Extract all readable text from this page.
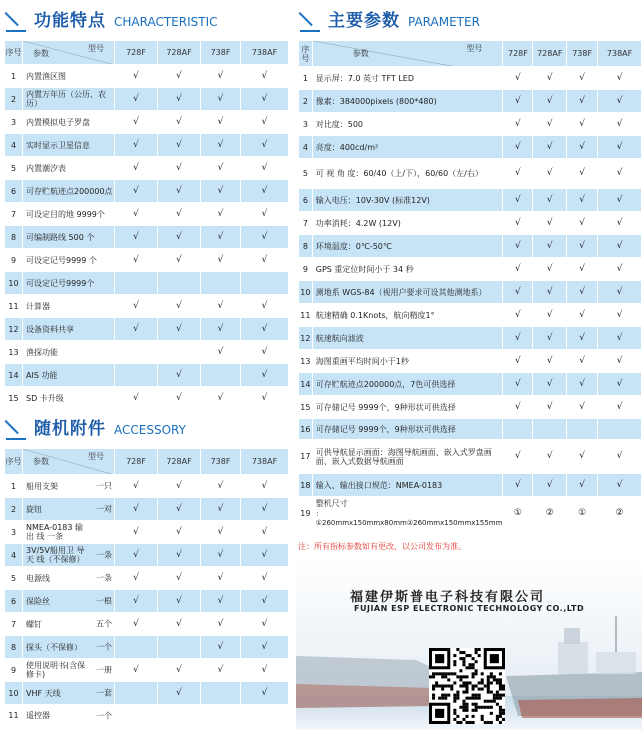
功能特点 CHARACTERISTIC
序号	参数
型号	728F	728AF	738F	738AF
1	内置渔区图	√	√	√	√
2	内置万年历（公历、农历）	√	√	√	√
3	内置模拟电子罗盘	√	√	√	√
4	实时显示卫星信息	√	√	√	√
5	内置潮汐表	√	√	√	√
6	可存贮航迹点200000点	√	√	√	√
7	可设定目的地 9999个	√	√	√	√
8	可编制路线 500 个	√	√	√	√
9	可设定记号9999 个	√	√	√	√
10	可设定记号9999个				

11	计算器	√	√	√	√
12	设备资料共享	√	√	√	√
13	渔探功能			√	√
14	AIS 功能		√		√
15	SD 卡升级	√	√	√	√
随机附件 ACCESSORY
序号	参数
型号	728F	728AF	738F	738AF
1	船用支架 一只	√	√	√	√
2	旋钮 一对	√	√	√	√
3	NMEA-0183 输 出 线 一条	√	√	√	√
4	3V/5V船用卫 导 天 线（不保修） 一条	√	√	√	√
5	电源线 一条	√	√	√	√
6	保险丝 一根	√	√	√	√
7	螺钉 五个	√	√	√	√
8	探头（不保修） 一个			√	√
9	使用说明书(含保修卡) 一册	√	√	√	√
10	VHF 天线 一套		√		√
11	遥控器 一个				

主要参数 PARAMETER
序号	参数
型号	728F	728AF	738F	738AF
1	显示屏：7.0 英寸 TFT LED	√	√	√	√
2	像素：384000pixels (800*480)	√	√	√	√
3	对比度：500	√	√	√	√
4	亮度：400cd/m²	√	√	√	√
5	可 视 角 度：60/40（上/下），60/60（左/右）	√	√	√	√
6	输入电压：10V-30V (标准12V)	√	√	√	√
7	功率消耗：4.2W (12V)	√	√	√	√
8	环境温度：0℃-50℃	√	√	√	√
9	GPS 重定位时间小于 34 秒	√	√	√	√
10	测地系 WGS-84（视用户要求可设其他测地系）	√	√	√	√
11	航速精确 0.1Knots，航向精度1°	√	√	√	√
12	航速航向滤波	√	√	√	√
13	海图重画平均时间小于1秒	√	√	√	√
14	可存贮航迹点200000点，7色可供选择	√	√	√	√
15	可存储记号 9999个，9种形状可供选择	√	√	√	√
16	可存储记号 9999个，9种形状可供选择				

17	可供导航显示画面：海图导航画面、嵌入式罗盘画面、嵌入式数据导航画面	√	√	√	√
18	输入、输出接口规范：NMEA-0183	√	√	√	√
19	整机尺寸
：①260mmx150mmx80mm②260mmx150mmx155mm	①	②	①	②
注：所有指标参数如有更改，以公司发布为准。
福建伊斯普电子科技有限公司
FUJIAN ESP ELECTRONIC TECHNOLOGY CO.,LTD
